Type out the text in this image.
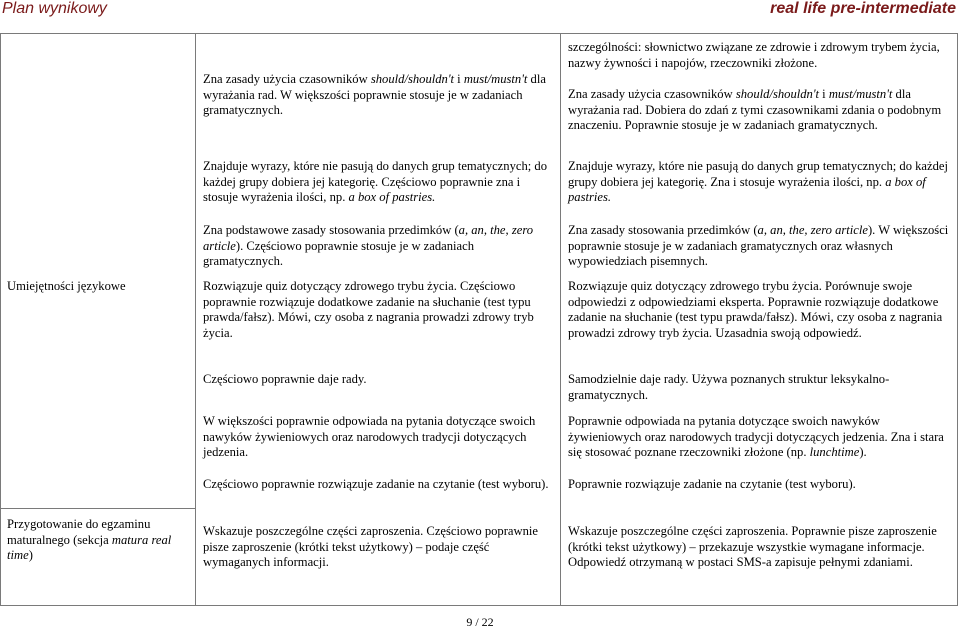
Plan wynikowy	real life pre-intermediate
Umiejętności językowe
Przygotowanie do egzaminu maturalnego (sekcja matura real time)
Zna zasady użycia czasowników should/shouldn't i must/mustn't dla wyrażania rad. W większości poprawnie stosuje je w zadaniach gramatycznych.
Znajduje wyrazy, które nie pasują do danych grup tematycznych; do każdej grupy dobiera jej kategorię. Częściowo poprawnie zna i stosuje wyrażenia ilości, np. a box of pastries.
Zna podstawowe zasady stosowania przedimków (a, an, the, zero article). Częściowo poprawnie stosuje je w zadaniach gramatycznych.
Rozwiązuje quiz dotyczący zdrowego trybu życia. Częściowo poprawnie rozwiązuje dodatkowe zadanie na słuchanie (test typu prawda/fałsz). Mówi, czy osoba z nagrania prowadzi zdrowy tryb życia.
Częściowo poprawnie daje rady.
W większości poprawnie odpowiada na pytania dotyczące swoich nawyków żywieniowych oraz narodowych tradycji dotyczących jedzenia.
Częściowo poprawnie rozwiązuje zadanie na czytanie (test wyboru).
Wskazuje poszczególne części zaproszenia. Częściowo poprawnie pisze zaproszenie (krótki tekst użytkowy) – podaje część wymaganych informacji.
szczególności: słownictwo związane ze zdrowie i zdrowym trybem życia, nazwy żywności i napojów, rzeczowniki złożone.
Zna zasady użycia czasowników should/shouldn't i must/mustn't dla wyrażania rad. Dobiera do zdań z tymi czasownikami zdania o podobnym znaczeniu. Poprawnie stosuje je w zadaniach gramatycznych.
Znajduje wyrazy, które nie pasują do danych grup tematycznych; do każdej grupy dobiera jej kategorię. Zna i stosuje wyrażenia ilości, np. a box of pastries.
Zna zasady stosowania przedimków (a, an, the, zero article). W większości poprawnie stosuje je w zadaniach gramatycznych oraz własnych wypowiedziach pisemnych.
Rozwiązuje quiz dotyczący zdrowego trybu życia. Porównuje swoje odpowiedzi z odpowiedziami eksperta. Poprawnie rozwiązuje dodatkowe zadanie na słuchanie (test typu prawda/fałsz). Mówi, czy osoba z nagrania prowadzi zdrowy tryb życia. Uzasadnia swoją odpowiedź.
Samodzielnie daje rady. Używa poznanych struktur leksykalno-gramatycznych.
Poprawnie odpowiada na pytania dotyczące swoich nawyków żywieniowych oraz narodowych tradycji dotyczących jedzenia. Zna i stara się stosować poznane rzeczowniki złożone (np. lunchtime).
Poprawnie rozwiązuje zadanie na czytanie (test wyboru).
Wskazuje poszczególne części zaproszenia. Poprawnie pisze zaproszenie (krótki tekst użytkowy) – przekazuje wszystkie wymagane informacje. Odpowiedź otrzymaną w postaci SMS-a zapisuje pełnymi zdaniami.
9 / 22
